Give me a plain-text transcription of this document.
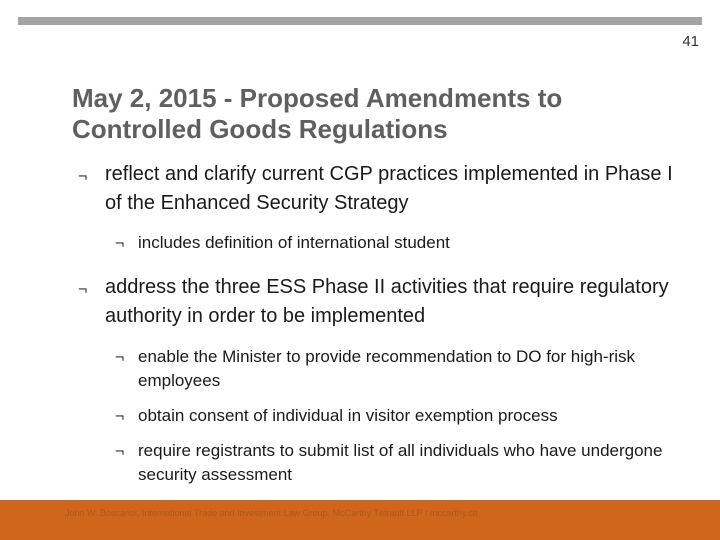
41
May 2, 2015 - Proposed Amendments to Controlled Goods Regulations
¬ reflect and clarify current CGP practices implemented in Phase I of the Enhanced Security Strategy
¬ includes definition of international student
¬ address the three ESS Phase II activities that require regulatory authority in order to be implemented
¬ enable the Minister to provide recommendation to DO for high-risk employees
¬ obtain consent of individual in visitor exemption process
¬ require registrants to submit list of all individuals who have undergone security assessment
John W. Boscariol, International Trade and Investment Law Group, McCarthy Tétrault LLP / mccarthy.ca
